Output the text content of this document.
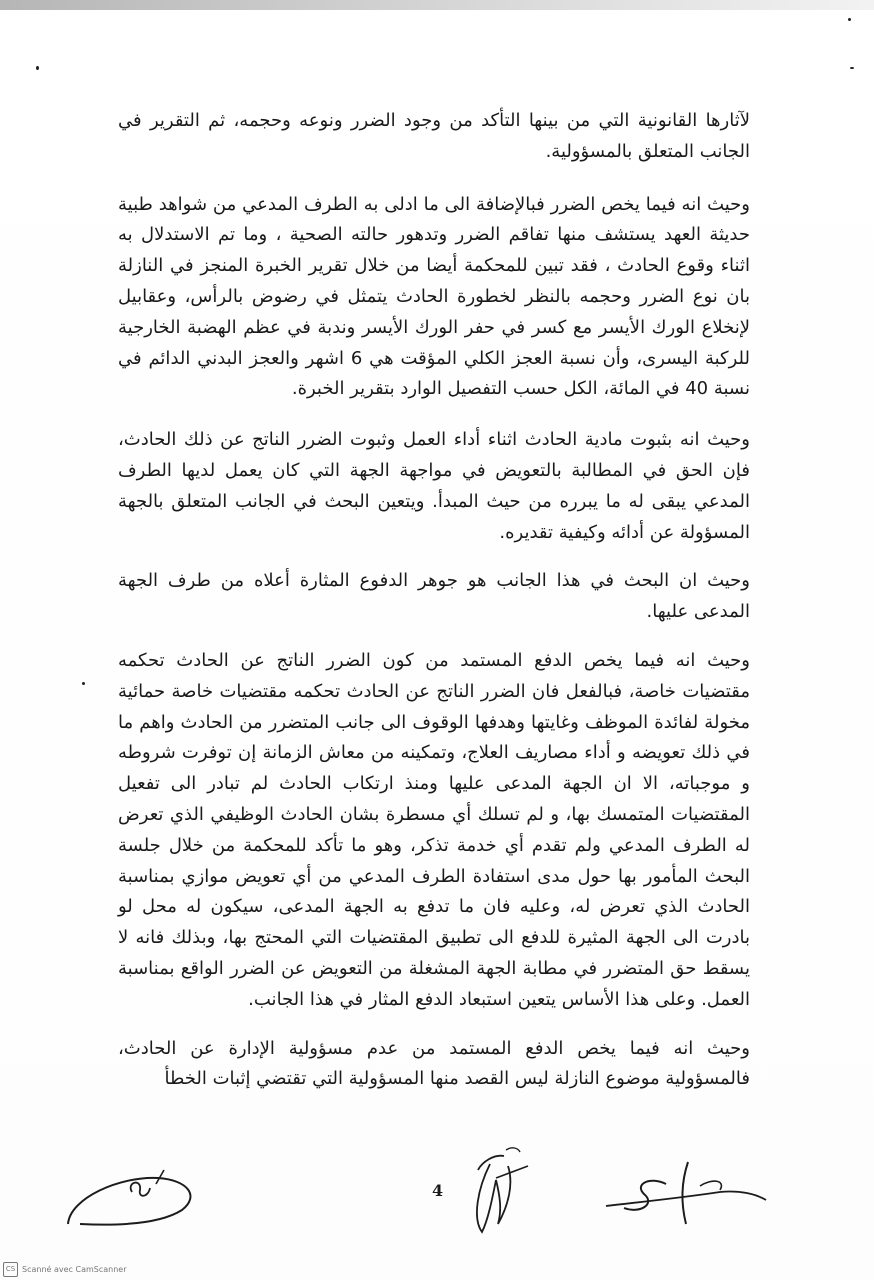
لآثارها القانونية التي من بينها التأكد من وجود الضرر ونوعه وحجمه، ثم التقرير في الجانب المتعلق بالمسؤولية.

وحيث انه فيما يخص الضرر فبالإضافة الى ما ادلى به الطرف المدعي من شواهد طبية حديثة العهد يستشف منها تفاقم الضرر وتدهور حالته الصحية ، وما تم الاستدلال به اثناء وقوع الحادث ، فقد تبين للمحكمة أيضا من خلال تقرير الخبرة المنجز في النازلة بان نوع الضرر وحجمه بالنظر لخطورة الحادث يتمثل في رضوض بالرأس، وعقابيل لإنخلاع الورك الأيسر مع كسر في حفر الورك الأيسر وندبة في عظم الهضبة الخارجية للركبة اليسرى، وأن نسبة العجز الكلي المؤقت هي 6 اشهر والعجز البدني الدائم في نسبة 40 في المائة، الكل حسب التفصيل الوارد بتقرير الخبرة.

وحيث انه بثبوت مادية الحادث اثناء أداء العمل وثبوت الضرر الناتج عن ذلك الحادث، فإن الحق في المطالبة بالتعويض في مواجهة الجهة التي كان يعمل لديها الطرف المدعي يبقى له ما يبرره من حيث المبدأ. ويتعين البحث في الجانب المتعلق بالجهة المسؤولة عن أدائه وكيفية تقديره.

وحيث ان البحث في هذا الجانب هو جوهر الدفوع المثارة أعلاه من طرف الجهة المدعى عليها.

وحيث انه فيما يخص الدفع المستمد من كون الضرر الناتج عن الحادث تحكمه مقتضيات خاصة، فبالفعل فان الضرر الناتج عن الحادث تحكمه مقتضيات خاصة حمائية مخولة لفائدة الموظف وغايتها وهدفها الوقوف الى جانب المتضرر من الحادث واهم ما في ذلك تعويضه و أداء مصاريف العلاج، وتمكينه من معاش الزمانة إن توفرت شروطه و موجباته، الا ان الجهة المدعى عليها ومنذ ارتكاب الحادث لم تبادر الى تفعيل المقتضيات المتمسك بها، و لم تسلك أي مسطرة بشان الحادث الوظيفي الذي تعرض له الطرف المدعي ولم تقدم أي خدمة تذكر، وهو ما تأكد للمحكمة من خلال جلسة البحث المأمور بها حول مدى استفادة الطرف المدعي من أي تعويض موازي بمناسبة الحادث الذي تعرض له، وعليه فان ما تدفع به الجهة المدعى، سيكون له محل لو بادرت الى الجهة المثيرة للدفع الى تطبيق المقتضيات التي المحتج بها، وبذلك فانه لا يسقط حق المتضرر في مطابة الجهة المشغلة من التعويض عن الضرر الواقع بمناسبة العمل. وعلى هذا الأساس يتعين استبعاد الدفع المثار في هذا الجانب.

وحيث انه فيما يخص الدفع المستمد من عدم مسؤولية الإدارة عن الحادث، فالمسؤولية موضوع النازلة ليس القصد منها المسؤولية التي تقتضي إثبات الخطأ

4
CS Scanné avec CamScanner
